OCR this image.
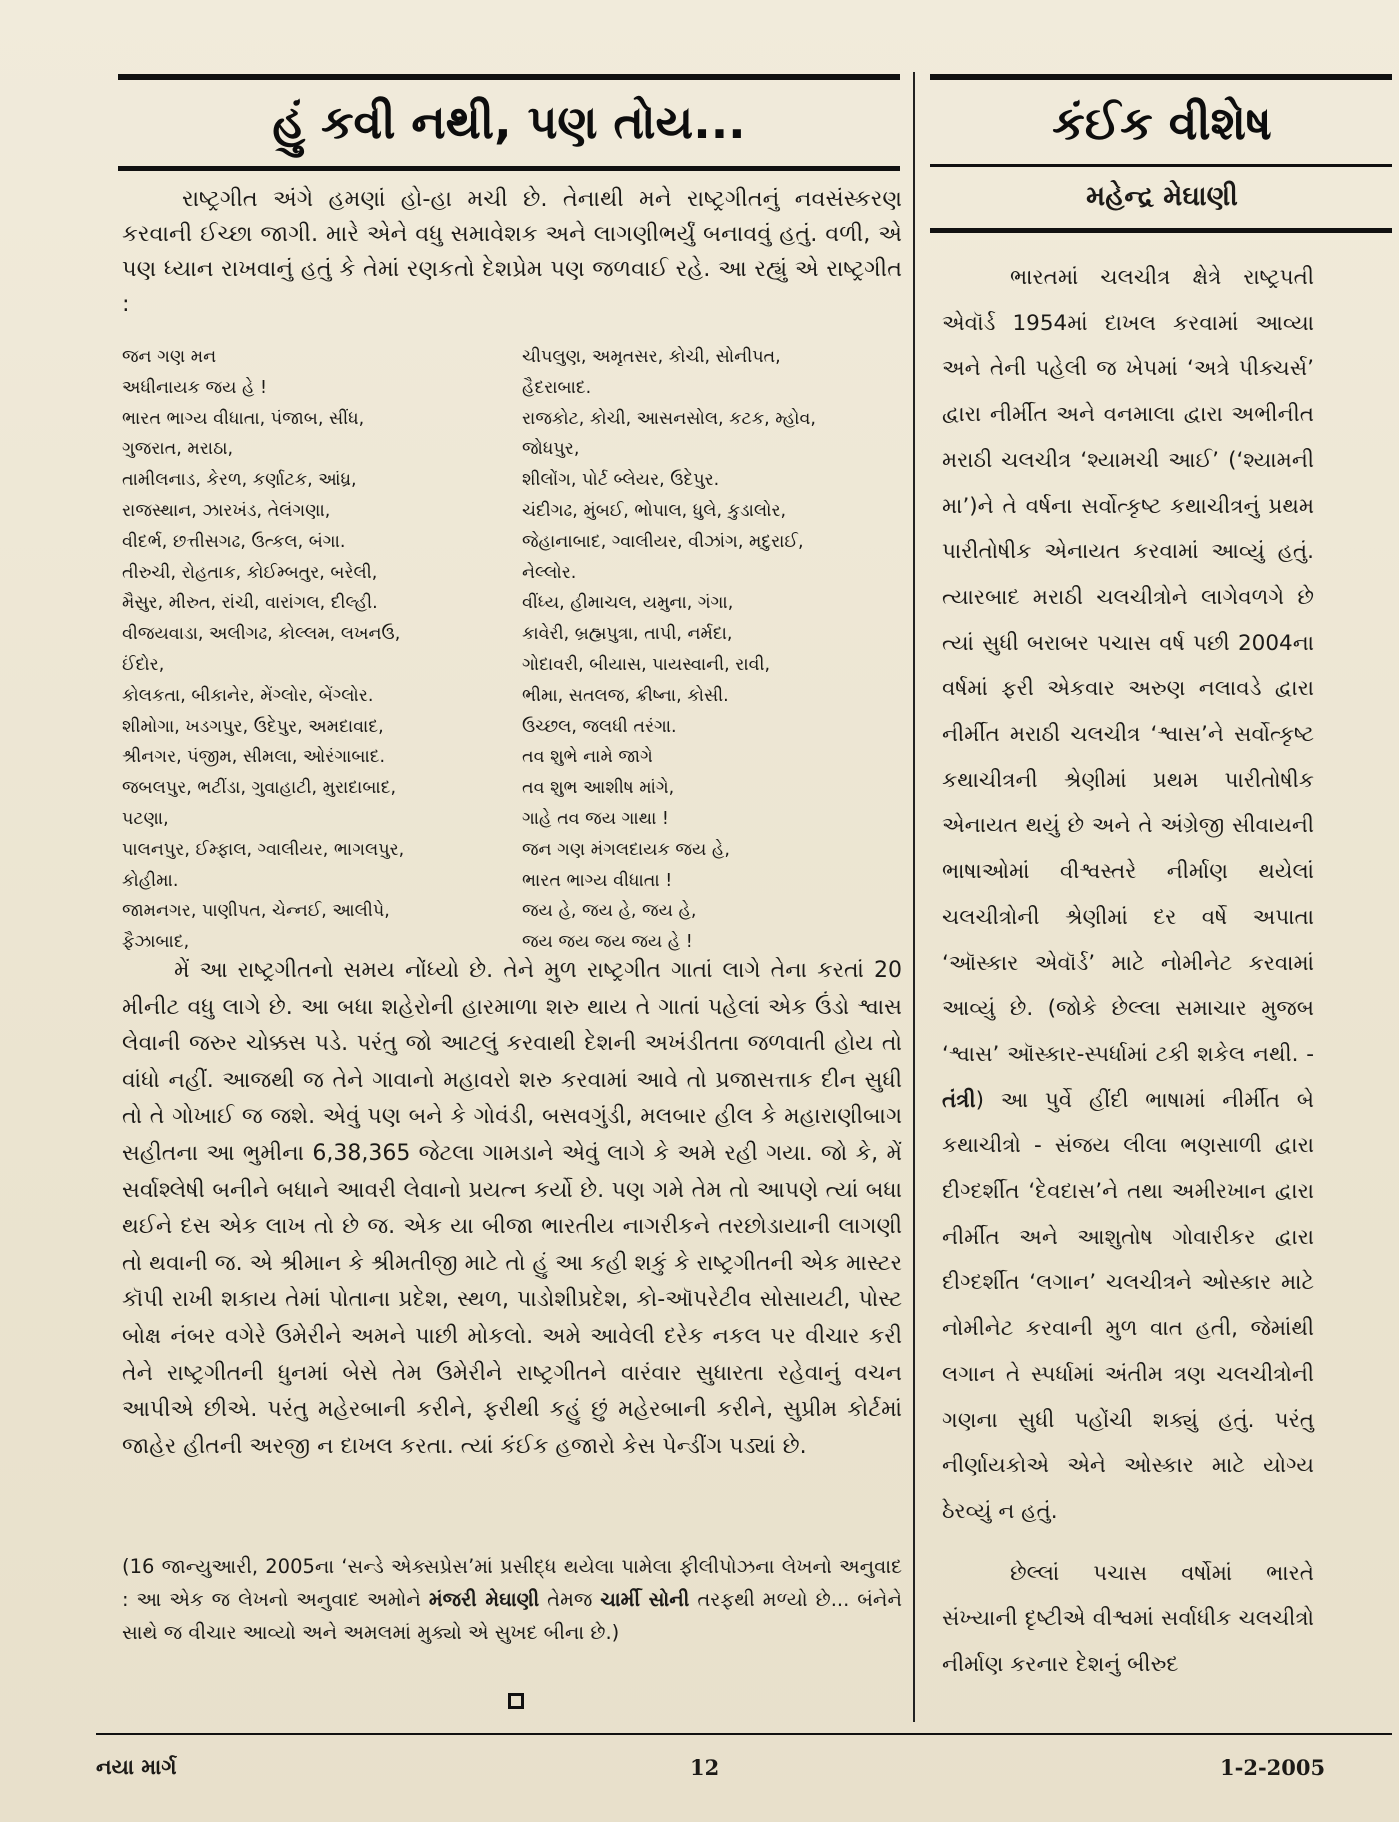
હું કવી નથી, પણ તોય...

રાષ્ટ્રગીત અંગે હમણાં હો-હા મચી છે. તેનાથી મને રાષ્ટ્રગીતનું નવસંસ્કરણ કરવાની ઈચ્છા જાગી. મારે એને વધુ સમાવેશક અને લાગણીભર્યું બનાવવું હતું. વળી, એ પણ ધ્યાન રાખવાનું હતું કે તેમાં રણકતો દેશપ્રેમ પણ જળવાઈ રહે. આ રહ્યું એ રાષ્ટ્રગીત :

જન ગણ મન
અધીનાયક જય હે !
ભારત ભાગ્ય વીધાતા, પંજાબ, સીંધ,
ગુજરાત, મરાઠા,
તામીલનાડ, કેરળ, કર્ણાટક, આંધ્ર,
રાજસ્થાન, ઝારખંડ, તેલંગણા,
વીદર્ભ, છત્તીસગઢ, ઉત્કલ, બંગા.
તીરુચી, રોહતાક, કોઈમ્બતુર, બરેલી,
મૈસુર, મીરુત, રાંચી, વારાંગલ, દીલ્હી.
વીજયવાડા, અલીગઢ, કોલ્લમ, લખનઉ,
ઈંદોર,
કોલકતા, બીકાનેર, મેંગ્લોર, બેંગ્લોર.
શીમોગા, ખડગપુર, ઉદેપુર, અમદાવાદ,
શ્રીનગર, પંજીમ, સીમલા, ઓરંગાબાદ.
જબલપુર, ભટીંડા, ગુવાહાટી, મુરાદાબાદ,
પટણા,
પાલનપુર, ઈમ્ફાલ, ગ્વાલીયર, ભાગલપુર,
કોહીમા.
જામનગર, પાણીપત, ચેન્નઈ, આલીપે,
ફૈઝાબાદ,
ચીપલુણ, અમૃતસર, કોચી, સોનીપત,
હૈદરાબાદ.
રાજકોટ, કોચી, આસનસોલ, કટક, મ્હોવ,
જોધપુર,
શીલોંગ, પોર્ટ બ્લેયર, ઉદેપુર.
ચંદીગઢ, મુંબઈ, ભોપાલ, ધુલે, કુડાલોર,
જેહાનાબાદ, ગ્વાલીયર, વીઝાંગ, મદુરાઈ,
નેલ્લોર.
વીંધ્ય, હીમાચલ, યમુના, ગંગા,
કાવેરી, બ્રહ્મપુત્રા, તાપી, નર્મદા,
ગોદાવરી, બીયાસ, પાયસ્વાની, રાવી,
ભીમા, સતલજ, ક્રીષ્ના, કોસી.
ઉચ્છલ, જલધી તરંગા.
તવ શુભે નામે જાગે
તવ શુભ આશીષ માંગે,
ગાહે તવ જય ગાથા !
જન ગણ મંગલદાયક જય હે,
ભારત ભાગ્ય વીધાતા !
જય હે, જય હે, જય હે,
જય જય જય જય હે !

મેં આ રાષ્ટ્રગીતનો સમય નોંધ્યો છે. તેને મુળ રાષ્ટ્રગીત ગાતાં લાગે તેના કરતાં 20 મીનીટ વધુ લાગે છે. આ બધા શહેરોની હારમાળા શરુ થાય તે ગાતાં પહેલાં એક ઉંડો શ્વાસ લેવાની જરુર ચોક્કસ પડે. પરંતુ જો આટલું કરવાથી દેશની અખંડીતતા જળવાતી હોય તો વાંધો નહીં. આજથી જ તેને ગાવાનો મહાવરો શરુ કરવામાં આવે તો પ્રજાસત્તાક દીન સુધી તો તે ગોખાઈ જ જશે. એવું પણ બને કે ગોવંડી, બસવગુંડી, મલબાર હીલ કે મહારાણીબાગ સહીતના આ ભુમીના 6,38,365 જેટલા ગામડાને એવું લાગે કે અમે રહી ગયા. જો કે, મેં સર્વાશ્લેષી બનીને બધાને આવરી લેવાનો પ્રયત્ન કર્યો છે. પણ ગમે તેમ તો આપણે ત્યાં બધા થઈને દસ એક લાખ તો છે જ. એક યા બીજા ભારતીય નાગરીકને તરછોડાયાની લાગણી તો થવાની જ. એ શ્રીમાન કે શ્રીમતીજી માટે તો હું આ કહી શકું કે રાષ્ટ્રગીતની એક માસ્ટર કૉપી રાખી શકાય તેમાં પોતાના પ્રદેશ, સ્થળ, પાડોશીપ્રદેશ, કો-ઑપરેટીવ સોસાયટી, પોસ્ટ બોક્ષ નંબર વગેરે ઉમેરીને અમને પાછી મોકલો. અમે આવેલી દરેક નકલ પર વીચાર કરી તેને રાષ્ટ્રગીતની ધુનમાં બેસે તેમ ઉમેરીને રાષ્ટ્રગીતને વારંવાર સુધારતા રહેવાનું વચન આપીએ છીએ. પરંતુ મહેરબાની કરીને, ફરીથી કહું છું મહેરબાની કરીને, સુપ્રીમ કોર્ટમાં જાહેર હીતની અરજી ન દાખલ કરતા. ત્યાં કંઈક હજારો કેસ પેન્ડીંગ પડ્યાં છે.

(16 જાન્યુઆરી, 2005ના ‘સન્ડે એક્સપ્રેસ’માં પ્રસીદ્ધ થયેલા પામેલા ફીલીપોઝના લેખનો અનુવાદ : આ એક જ લેખનો અનુવાદ અમોને મંજરી મેઘાણી તેમજ ચાર્મી સોની તરફથી મળ્યો છે... બંનેને સાથે જ વીચાર આવ્યો અને અમલમાં મુક્યો એ સુખદ બીના છે.)
કંઈક વીશેષ
મહેન્દ્ર મેઘાણી

ભારતમાં ચલચીત્ર ક્ષેત્રે રાષ્ટ્રપતી એવૉર્ડ 1954માં દાખલ કરવામાં આવ્યા અને તેની પહેલી જ ખેપમાં ‘અત્રે પીક્ચર્સ’ દ્વારા નીર્મીત અને વનમાલા દ્વારા અભીનીત મરાઠી ચલચીત્ર ‘શ્યામચી આઈ’ (‘શ્યામની મા’)ને તે વર્ષના સર્વોત્કૃષ્ટ કથાચીત્રનું પ્રથમ પારીતોષીક એનાયત કરવામાં આવ્યું હતું. ત્યારબાદ મરાઠી ચલચીત્રોને લાગેવળગે છે ત્યાં સુધી બરાબર પચાસ વર્ષ પછી 2004ના વર્ષમાં ફરી એકવાર અરુણ નલાવડે દ્વારા નીર્મીત મરાઠી ચલચીત્ર ‘શ્વાસ’ને સર્વોત્કૃષ્ટ કથાચીત્રની શ્રેણીમાં પ્રથમ પારીતોષીક એનાયત થયું છે અને તે અંગ્રેજી સીવાયની ભાષાઓમાં વીશ્વસ્તરે નીર્માણ થયેલાં ચલચીત્રોની શ્રેણીમાં દર વર્ષે અપાતા ‘ઑસ્કાર એવૉર્ડ’ માટે નોમીનેટ કરવામાં આવ્યું છે. (જોકે છેલ્લા સમાચાર મુજબ ‘શ્વાસ’ ઑસ્કાર-સ્પર્ધામાં ટકી શકેલ નથી. - તંત્રી) આ પુર્વે હીંદી ભાષામાં નીર્મીત બે કથાચીત્રો - સંજય લીલા ભણસાળી દ્વારા દીગ્દર્શીત ‘દેવદાસ’ને તથા અમીરખાન દ્વારા નીર્મીત અને આશુતોષ ગોવારીકર દ્વારા દીગ્દર્શીત ‘લગાન’ ચલચીત્રને ઓસ્કાર માટે નોમીનેટ કરવાની મુળ વાત હતી, જેમાંથી લગાન તે સ્પર્ધામાં અંતીમ ત્રણ ચલચીત્રોની ગણના સુધી પહોંચી શક્યું હતું. પરંતુ નીર્ણાયકોએ એને ઓસ્કાર માટે યોગ્ય ઠેરવ્યું ન હતું.

છેલ્લાં પચાસ વર્ષોમાં ભારતે સંખ્યાની દૃષ્ટીએ વીશ્વમાં સર્વાધીક ચલચીત્રો નીર્માણ કરનાર દેશનું બીરુદ

નયા માર્ગ	12	1-2-2005
